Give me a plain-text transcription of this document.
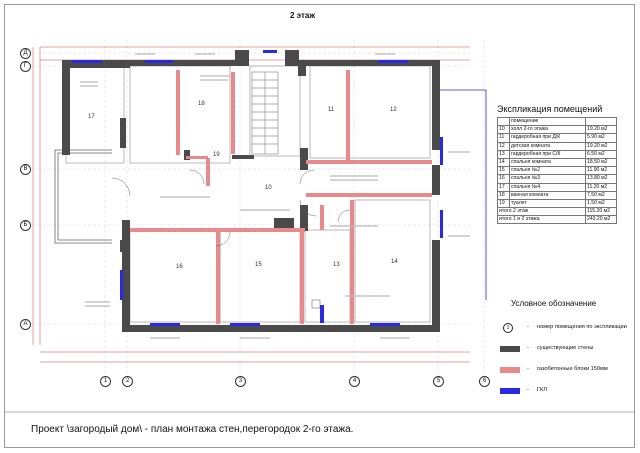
2 этаж
17
18
11	12
19
10
16	15	13	14
Д
Г
В
Б
А
1	2	3	4	5	6
Экспликация помещений
	помещение	
10	холл 2-го этажа	19.20 м2
11	гардеробная при Д/К	5.90 м2
12	детская комната	19.20 м2
13	гардеробная при С/К	6.50 м2
14	спальня комната	18.50 м2
15	спальня №2	11.90 м2
16	спальня №3	13.80 м2
17	спальня №4	11.20 м2
18	ванная комната	7.50 м2
19	туалет	1.50 м2
итого 2 этаж		115.20 м2
итого 1 и 2 этажа		243.20 м2
Условное обозначение
1	- номер помещения по экспликации
- существующие стены
- газобетонные блоки 150мм
- ГКЛ
Проект \загородый дом\ - план монтажа стен,перегородок 2-го этажа.
